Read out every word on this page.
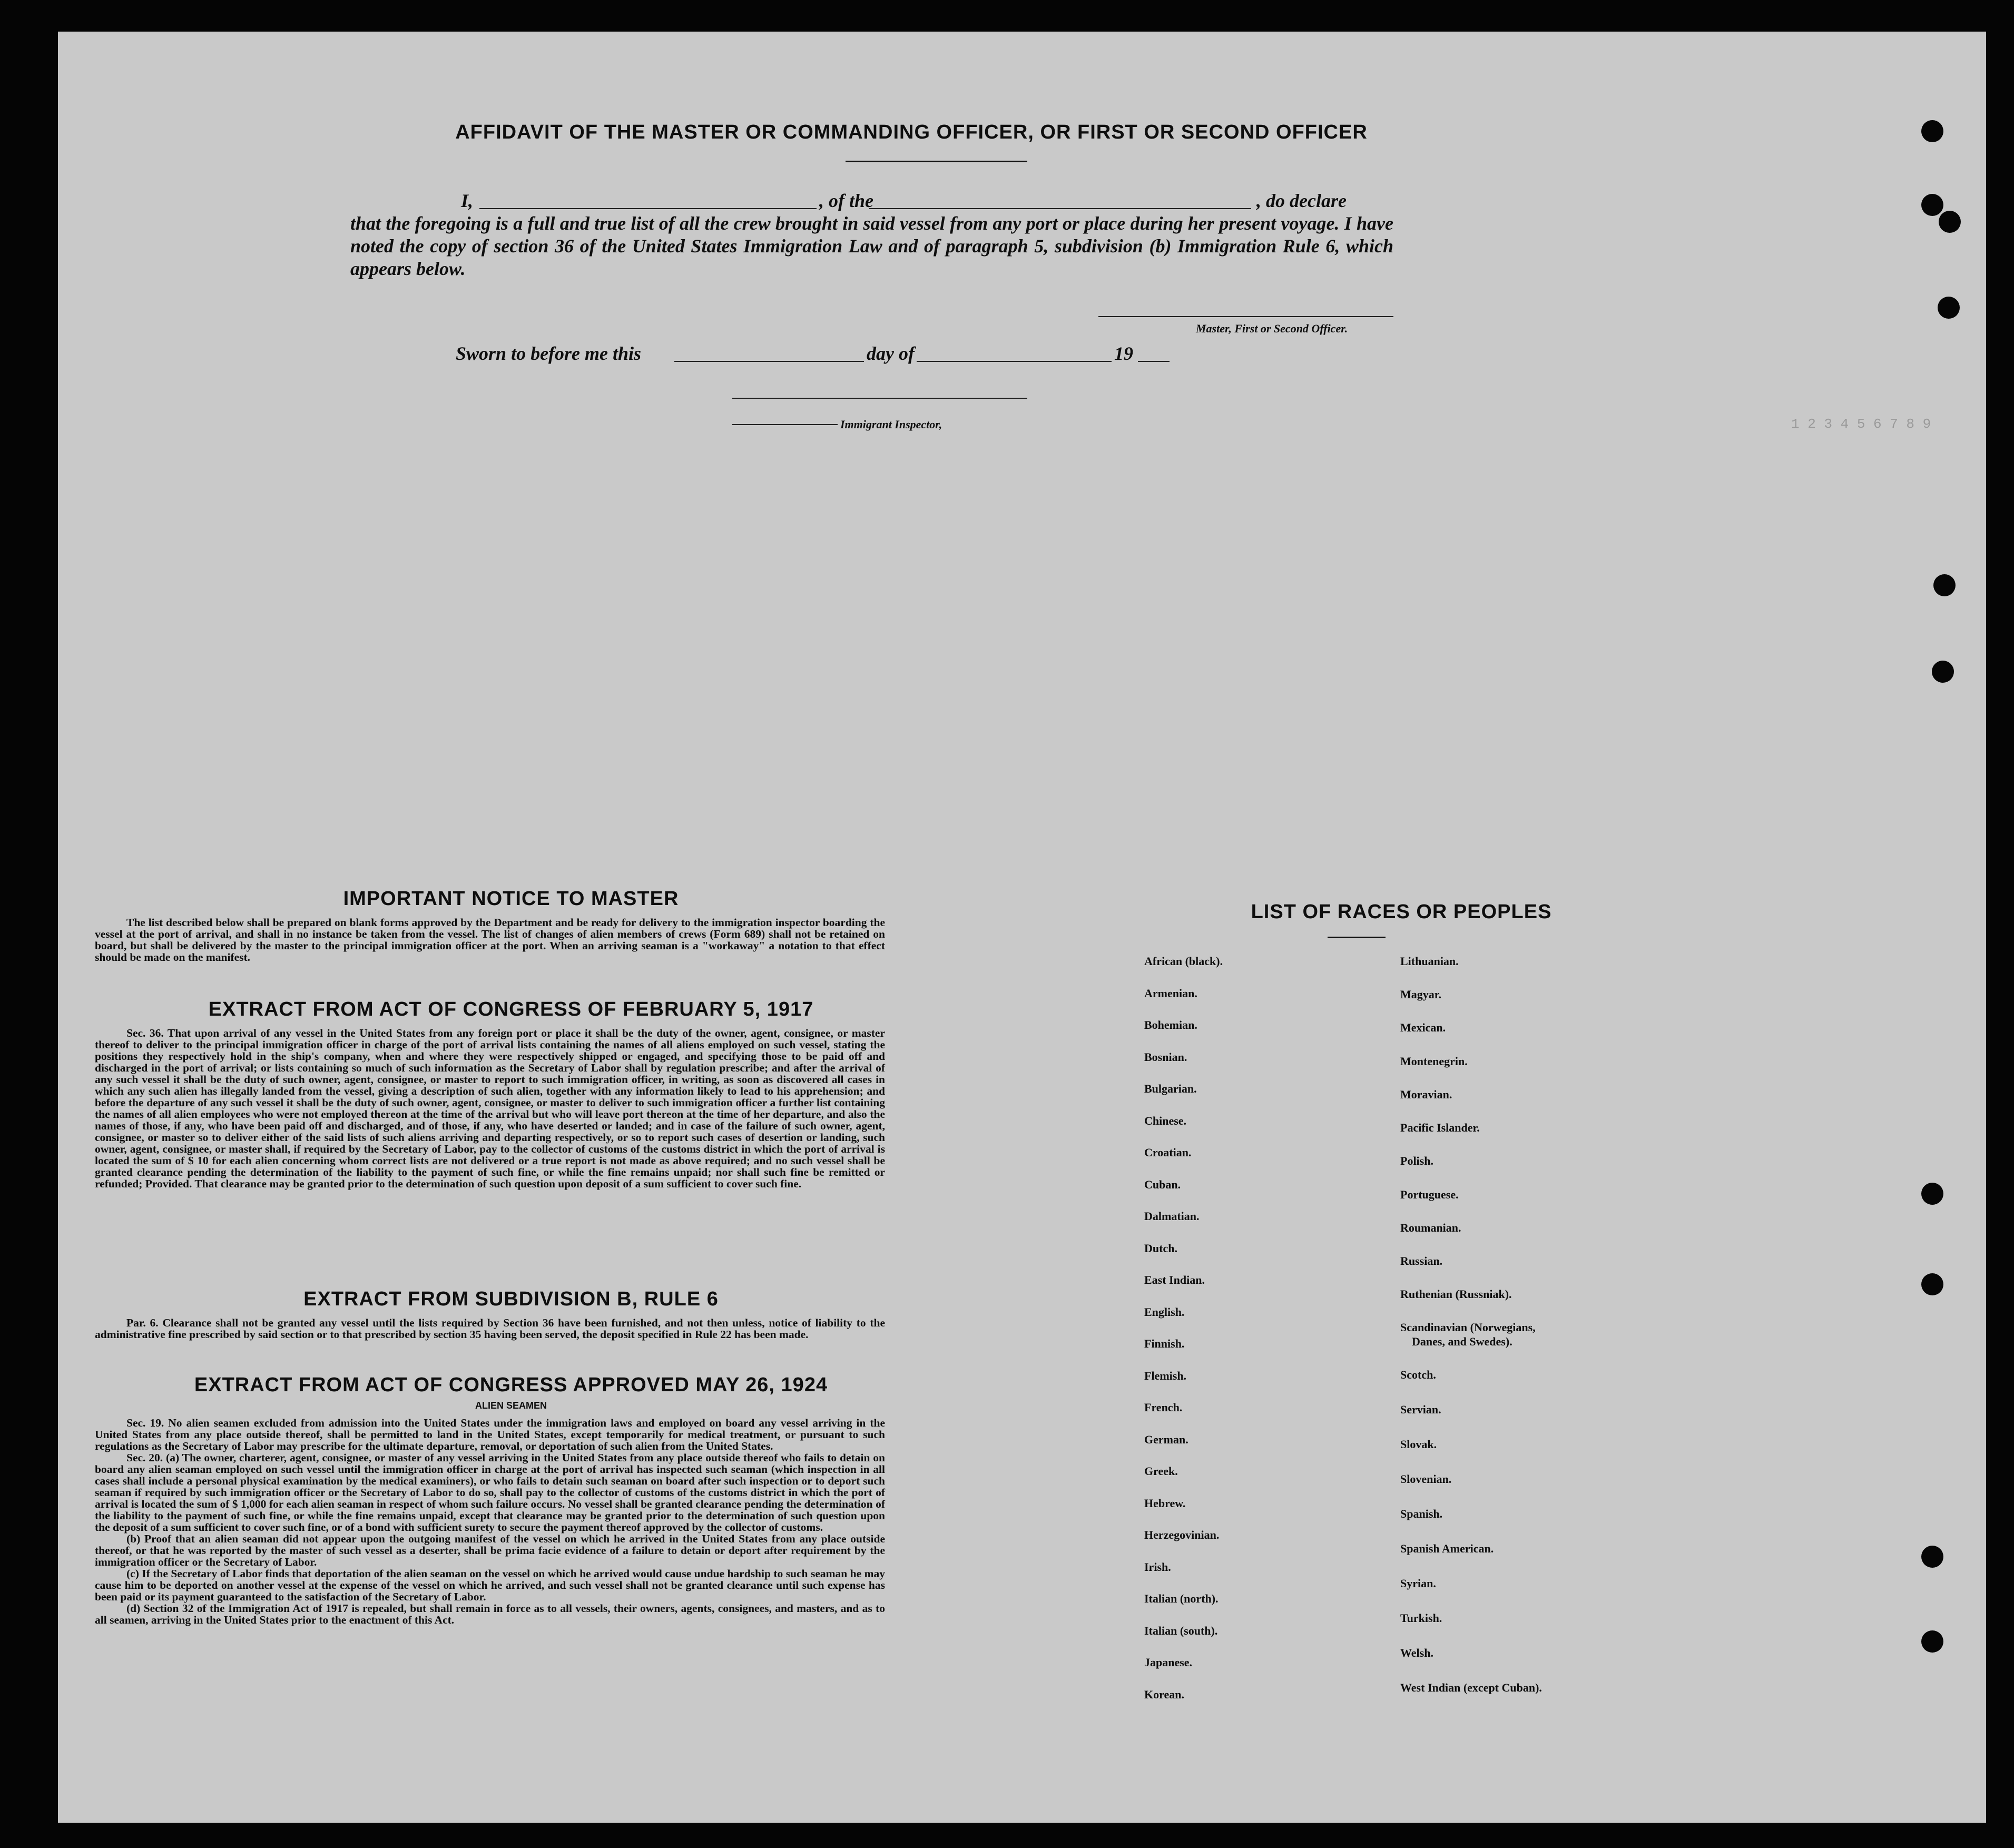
1 2 3 4 5 6 7 8 9
AFFIDAVIT OF THE MASTER OR COMMANDING OFFICER, OR FIRST OR SECOND OFFICER
I,	, of the	, do declare
that the foregoing is a full and true list of all the crew brought in said vessel from any port or place during her present voyage. I have noted the copy of section 36 of the United States Immigration Law and of paragraph 5, subdivision (b) Immigration Rule 6, which appears below.
Master, First or Second Officer.
Sworn to before me this	day of	19
Immigrant Inspector,
IMPORTANT NOTICE TO MASTER

The list described below shall be prepared on blank forms approved by the Department and be ready for delivery to the immigration inspector boarding the vessel at the port of arrival, and shall in no instance be taken from the vessel. The list of changes of alien members of crews (Form 689) shall not be retained on board, but shall be delivered by the master to the principal immigration officer at the port. When an arriving seaman is a "workaway" a notation to that effect should be made on the manifest.

EXTRACT FROM ACT OF CONGRESS OF FEBRUARY 5, 1917

Sec. 36. That upon arrival of any vessel in the United States from any foreign port or place it shall be the duty of the owner, agent, consignee, or master thereof to deliver to the principal immigration officer in charge of the port of arrival lists containing the names of all aliens employed on such vessel, stating the positions they respectively hold in the ship's company, when and where they were respectively shipped or engaged, and specifying those to be paid off and discharged in the port of arrival; or lists containing so much of such information as the Secretary of Labor shall by regulation prescribe; and after the arrival of any such vessel it shall be the duty of such owner, agent, consignee, or master to report to such immigration officer, in writing, as soon as discovered all cases in which any such alien has illegally landed from the vessel, giving a description of such alien, together with any information likely to lead to his apprehension; and before the departure of any such vessel it shall be the duty of such owner, agent, consignee, or master to deliver to such immigration officer a further list containing the names of all alien employees who were not employed thereon at the time of the arrival but who will leave port thereon at the time of her departure, and also the names of those, if any, who have been paid off and discharged, and of those, if any, who have deserted or landed; and in case of the failure of such owner, agent, consignee, or master so to deliver either of the said lists of such aliens arriving and departing respectively, or so to report such cases of desertion or landing, such owner, agent, consignee, or master shall, if required by the Secretary of Labor, pay to the collector of customs of the customs district in which the port of arrival is located the sum of $ 10 for each alien concerning whom correct lists are not delivered or a true report is not made as above required; and no such vessel shall be granted clearance pending the determination of the liability to the payment of such fine, or while the fine remains unpaid; nor shall such fine be remitted or refunded; Provided. That clearance may be granted prior to the determination of such question upon deposit of a sum sufficient to cover such fine.

EXTRACT FROM SUBDIVISION B, RULE 6

Par. 6. Clearance shall not be granted any vessel until the lists required by Section 36 have been furnished, and not then unless, notice of liability to the administrative fine prescribed by said section or to that prescribed by section 35 having been served, the deposit specified in Rule 22 has been made.

EXTRACT FROM ACT OF CONGRESS APPROVED MAY 26, 1924
ALIEN SEAMEN

Sec. 19. No alien seamen excluded from admission into the United States under the immigration laws and employed on board any vessel arriving in the United States from any place outside thereof, shall be permitted to land in the United States, except temporarily for medical treatment, or pursuant to such regulations as the Secretary of Labor may prescribe for the ultimate departure, removal, or deportation of such alien from the United States.

Sec. 20. (a) The owner, charterer, agent, consignee, or master of any vessel arriving in the United States from any place outside thereof who fails to detain on board any alien seaman employed on such vessel until the immigration officer in charge at the port of arrival has inspected such seaman (which inspection in all cases shall include a personal physical examination by the medical examiners), or who fails to detain such seaman on board after such inspection or to deport such seaman if required by such immigration officer or the Secretary of Labor to do so, shall pay to the collector of customs of the customs district in which the port of arrival is located the sum of $ 1,000 for each alien seaman in respect of whom such failure occurs. No vessel shall be granted clearance pending the determination of the liability to the payment of such fine, or while the fine remains unpaid, except that clearance may be granted prior to the determination of such question upon the deposit of a sum sufficient to cover such fine, or of a bond with sufficient surety to secure the payment thereof approved by the collector of customs.

(b) Proof that an alien seaman did not appear upon the outgoing manifest of the vessel on which he arrived in the United States from any place outside thereof, or that he was reported by the master of such vessel as a deserter, shall be prima facie evidence of a failure to detain or deport after requirement by the immigration officer or the Secretary of Labor.

(c) If the Secretary of Labor finds that deportation of the alien seaman on the vessel on which he arrived would cause undue hardship to such seaman he may cause him to be deported on another vessel at the expense of the vessel on which he arrived, and such vessel shall not be granted clearance until such expense has been paid or its payment guaranteed to the satisfaction of the Secretary of Labor.

(d) Section 32 of the Immigration Act of 1917 is repealed, but shall remain in force as to all vessels, their owners, agents, consignees, and masters, and as to all seamen, arriving in the United States prior to the enactment of this Act.

LIST OF RACES OR PEOPLES
African (black).
Armenian.
Bohemian.
Bosnian.
Bulgarian.
Chinese.
Croatian.
Cuban.
Dalmatian.
Dutch.
East Indian.
English.
Finnish.
Flemish.
French.
German.
Greek.
Hebrew.
Herzegovinian.
Irish.
Italian (north).
Italian (south).
Japanese.
Korean.
Lithuanian.
Magyar.
Mexican.
Montenegrin.
Moravian.
Pacific Islander.
Polish.
Portuguese.
Roumanian.
Russian.
Ruthenian (Russniak).
Scandinavian (Norwegians,
Danes, and Swedes).
Scotch.
Servian.
Slovak.
Slovenian.
Spanish.
Spanish American.
Syrian.
Turkish.
Welsh.
West Indian (except Cuban).
